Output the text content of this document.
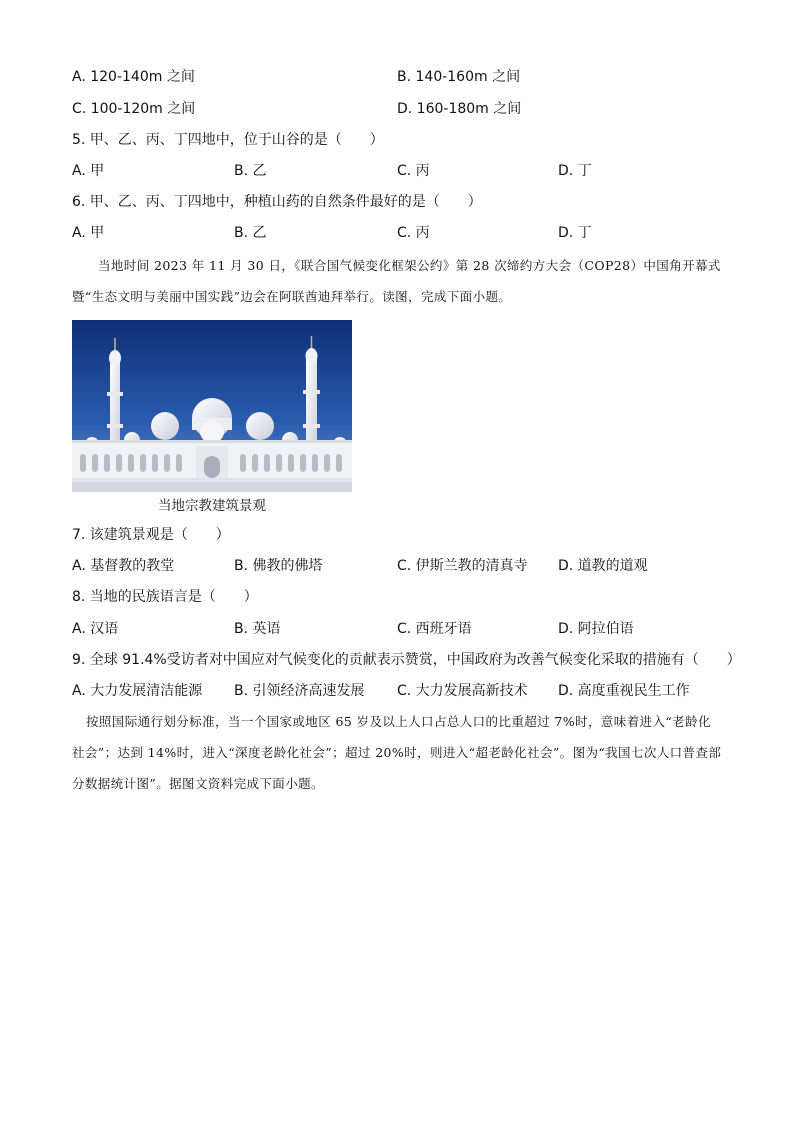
A. 120-140m 之间	B. 140-160m 之间
C. 100-120m 之间	D. 160-180m 之间
5. 甲、乙、丙、丁四地中，位于山谷的是（　　）
A. 甲	B. 乙	C. 丙	D. 丁
6. 甲、乙、丙、丁四地中，种植山药的自然条件最好的是（　　）
A. 甲	B. 乙	C. 丙	D. 丁
当地时间 2023 年 11 月 30 日，《联合国气候变化框架公约》第 28 次缔约方大会（COP28）中国角开幕式暨“生态文明与美丽中国实践”边会在阿联酋迪拜举行。读图，完成下面小题。
当地宗教建筑景观
7. 该建筑景观是（　　）
A. 基督教的教堂	B. 佛教的佛塔	C. 伊斯兰教的清真寺 D. 道教的道观
8. 当地的民族语言是（　　）
A. 汉语	B. 英语	C. 西班牙语	D. 阿拉伯语
9. 全球 91.4%受访者对中国应对气候变化的贡献表示赞赏，中国政府为改善气候变化采取的措施有（　　）
A. 大力发展清洁能源 B. 引领经济高速发展 C. 大力发展高新技术 D. 高度重视民生工作
按照国际通行划分标准，当一个国家或地区 65 岁及以上人口占总人口的比重超过 7%时，意味着进入“老龄化社会”；达到 14%时，进入“深度老龄化社会”；超过 20%时，则进入“超老龄化社会”。图为“我国七次人口普查部分数据统计图”。据图文资料完成下面小题。
